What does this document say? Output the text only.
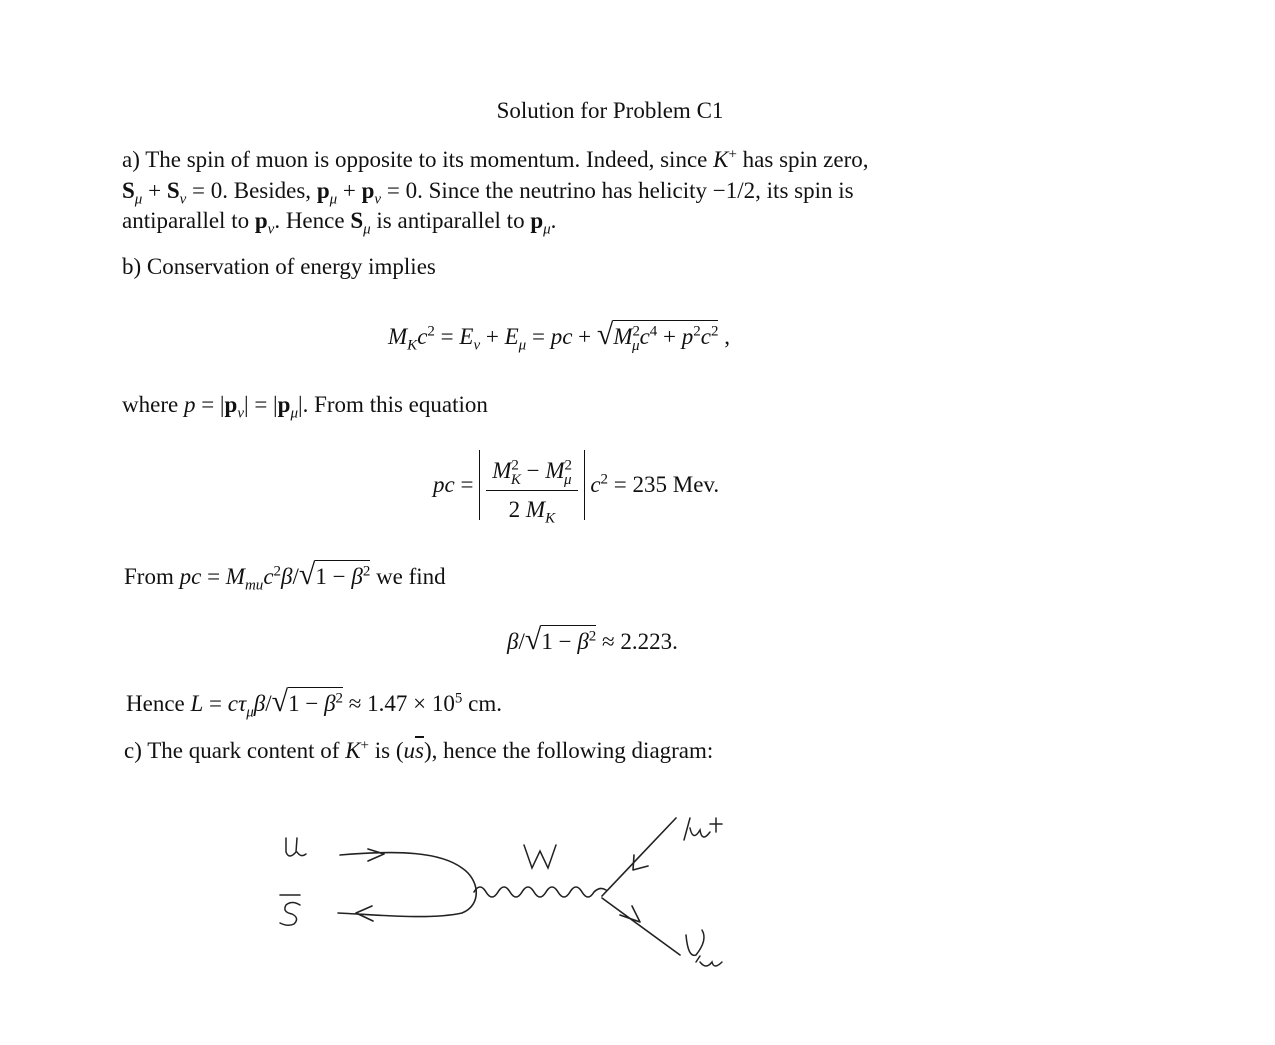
Solution for Problem C1
a) The spin of muon is opposite to its momentum. Indeed, since K+ has spin zero,
$S_\mu + S_\nu = 0$. Besides, $p_\mu + p_\nu = 0$. Since the neutrino has helicity −1/2, its spin is
antiparallel to $p_\nu$. Hence $S_\mu$ is antiparallel to $p_\mu$.
b) Conservation of energy implies
$M_Kc^2 = E_\nu + E_\mu$ = pc + $√M^2_\mu c^4 + p^2c^2$ ,
where $p = |p_\nu| = |p_\mu|$. From this equation
pc = $\frac{M^2_K - M^2_\mu}{2 M_K} c^2 = 235$ Mev.
From pc = $M_{mu}c^2\beta/√1 - \beta^2$ we find
$\beta/√1 - \beta^2 \approx 2.223$.
Hence $L = c\tau_\mu\beta/√1 - \beta^2 \approx 1.47 \times 10^5$ cm.
c) The quark content of K+ is $(u\overline{s})$, hence the following diagram:
